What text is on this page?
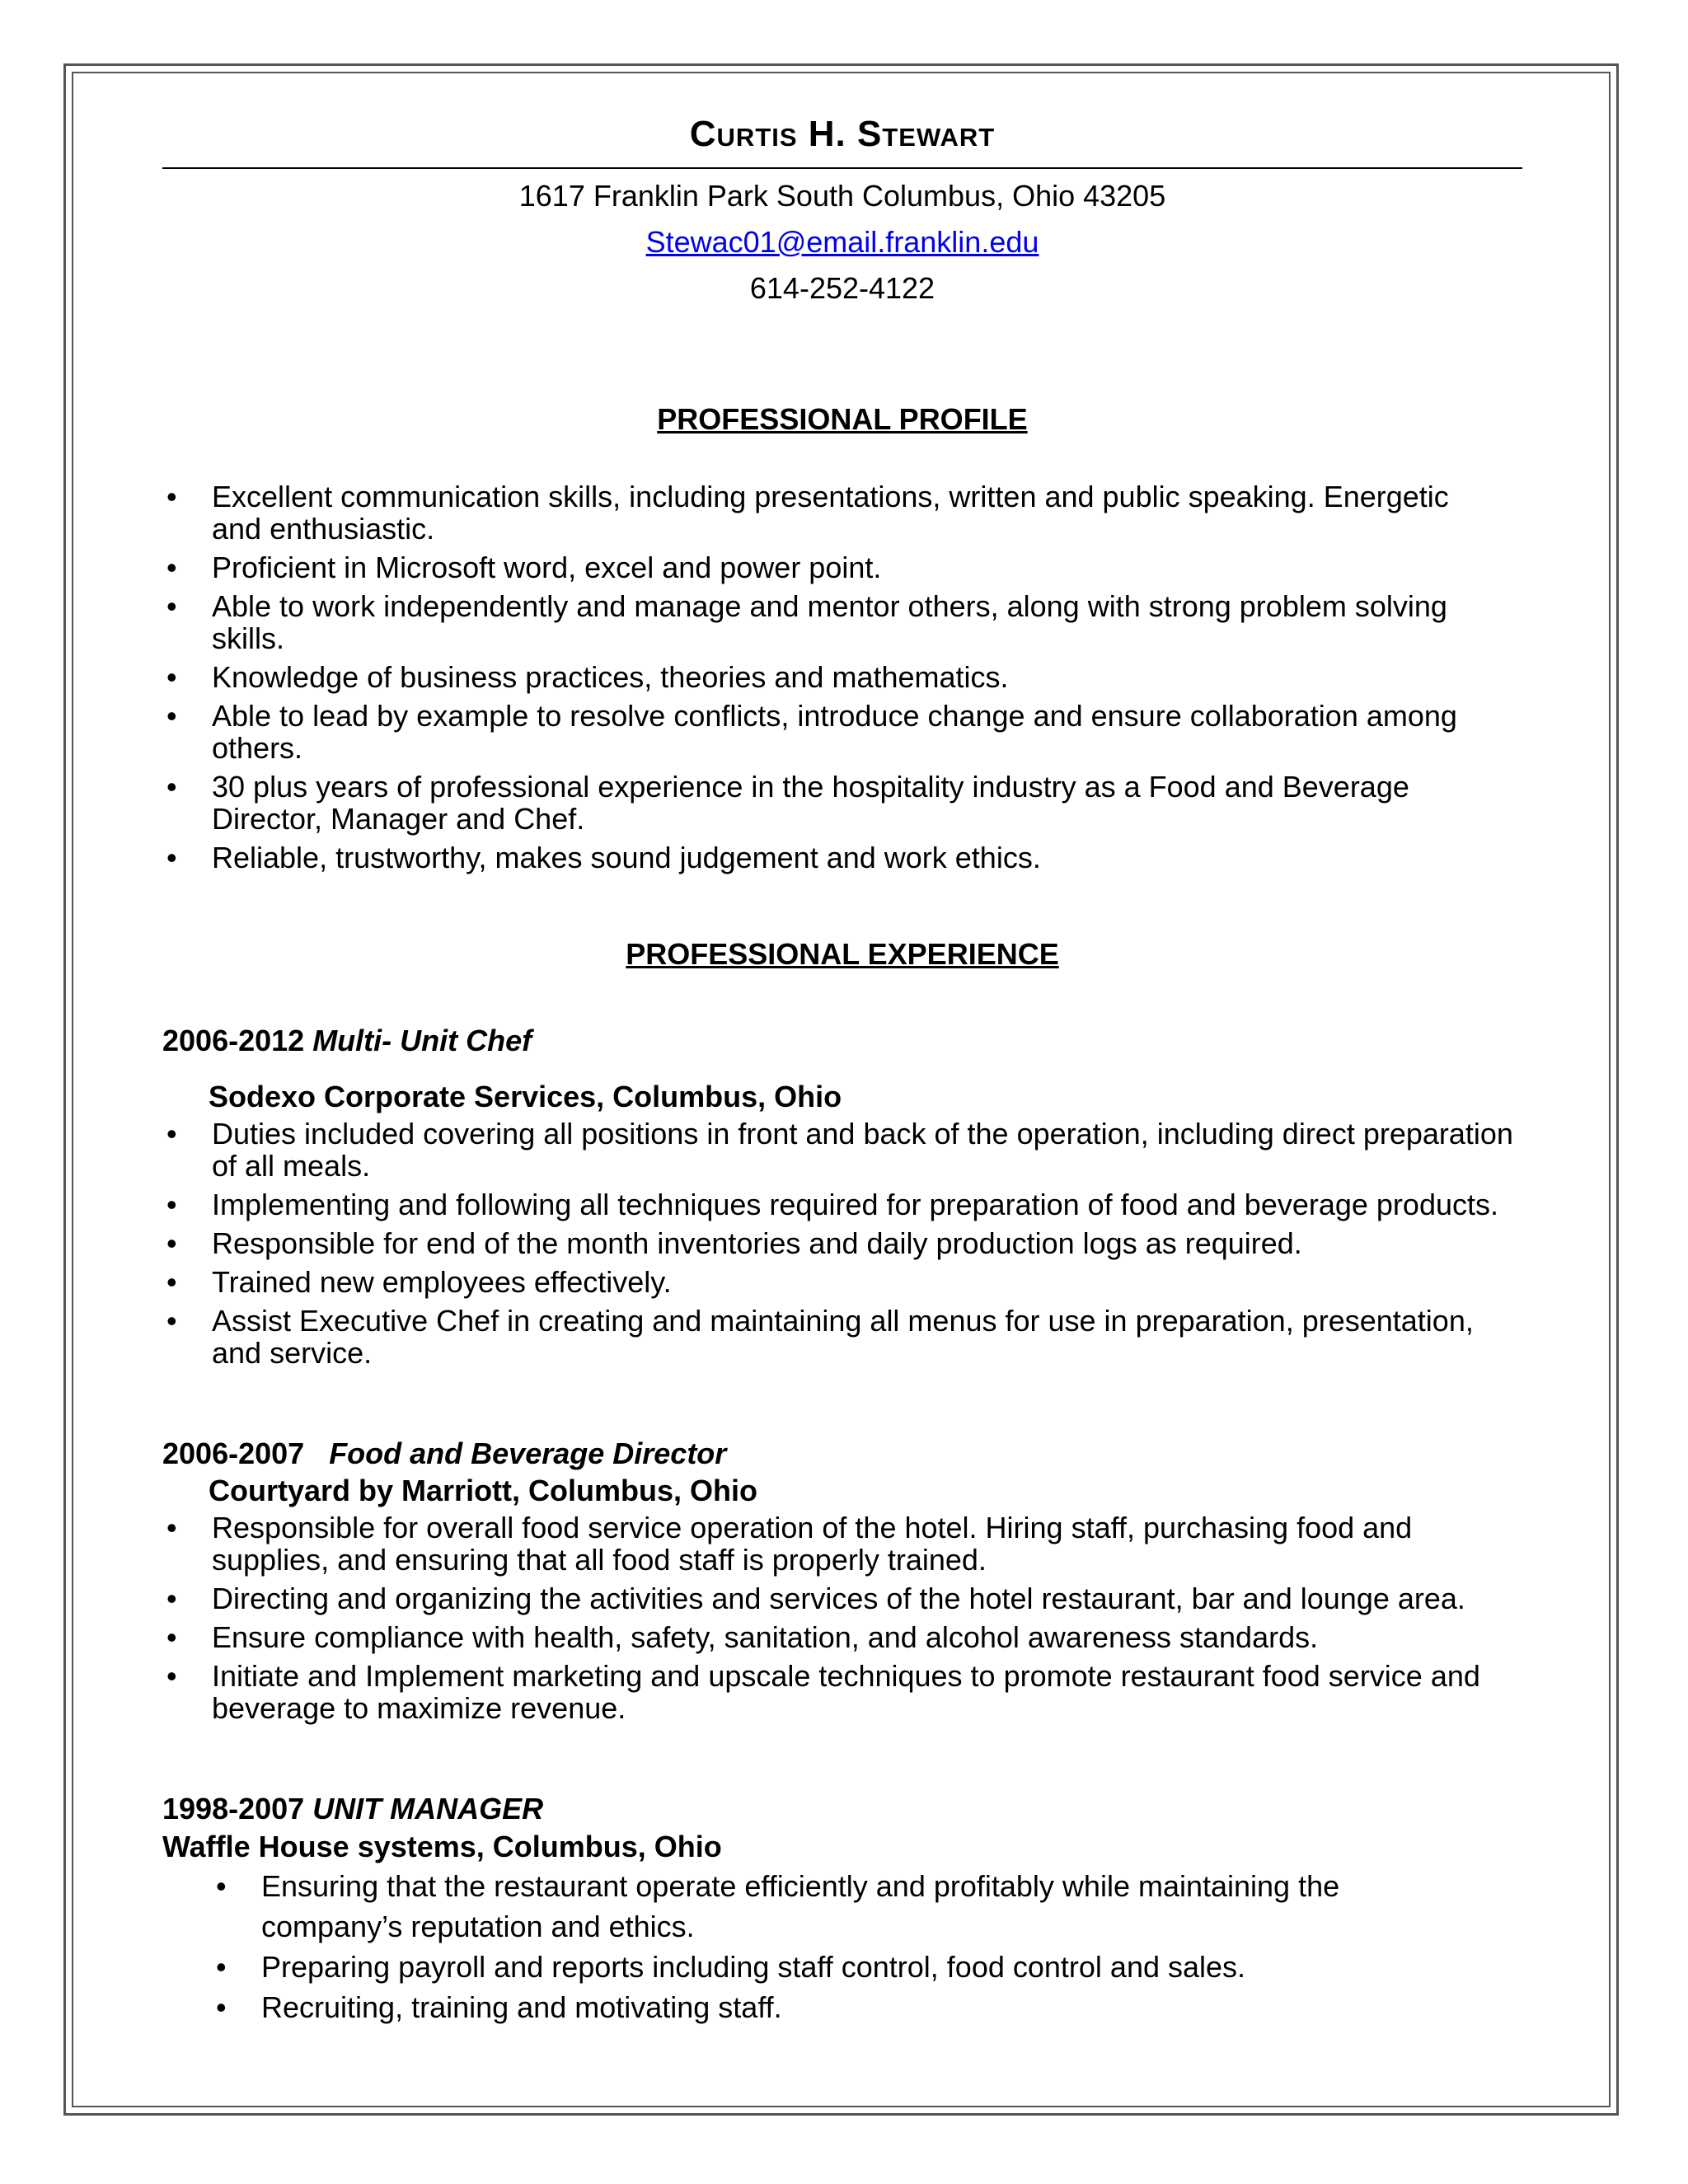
Curtis H. Stewart
1617 Franklin Park South Columbus, Ohio 43205
Stewac01@email.franklin.edu
614-252-4122
PROFESSIONAL PROFILE
• Excellent communication skills, including presentations, written and public speaking. Energetic and enthusiastic.
• Proficient in Microsoft word, excel and power point.
• Able to work independently and manage and mentor others, along with strong problem solving skills.
• Knowledge of business practices, theories and mathematics.
• Able to lead by example to resolve conflicts, introduce change and ensure collaboration among others.
• 30 plus years of professional experience in the hospitality industry as a Food and Beverage Director, Manager and Chef.
• Reliable, trustworthy, makes sound judgement and work ethics.
PROFESSIONAL EXPERIENCE
2006-2012 Multi- Unit Chef
Sodexo Corporate Services, Columbus, Ohio
• Duties included covering all positions in front and back of the operation, including direct preparation of all meals.
• Implementing and following all techniques required for preparation of food and beverage products.
• Responsible for end of the month inventories and daily production logs as required.
• Trained new employees effectively.
• Assist Executive Chef in creating and maintaining all menus for use in preparation, presentation, and service.
2006-2007 Food and Beverage Director
Courtyard by Marriott, Columbus, Ohio
• Responsible for overall food service operation of the hotel. Hiring staff, purchasing food and supplies, and ensuring that all food staff is properly trained.
• Directing and organizing the activities and services of the hotel restaurant, bar and lounge area.
• Ensure compliance with health, safety, sanitation, and alcohol awareness standards.
• Initiate and Implement marketing and upscale techniques to promote restaurant food service and beverage to maximize revenue.
1998-2007 UNIT MANAGER
Waffle House systems, Columbus, Ohio
• Ensuring that the restaurant operate efficiently and profitably while maintaining the company’s reputation and ethics.
• Preparing payroll and reports including staff control, food control and sales.
• Recruiting, training and motivating staff.
